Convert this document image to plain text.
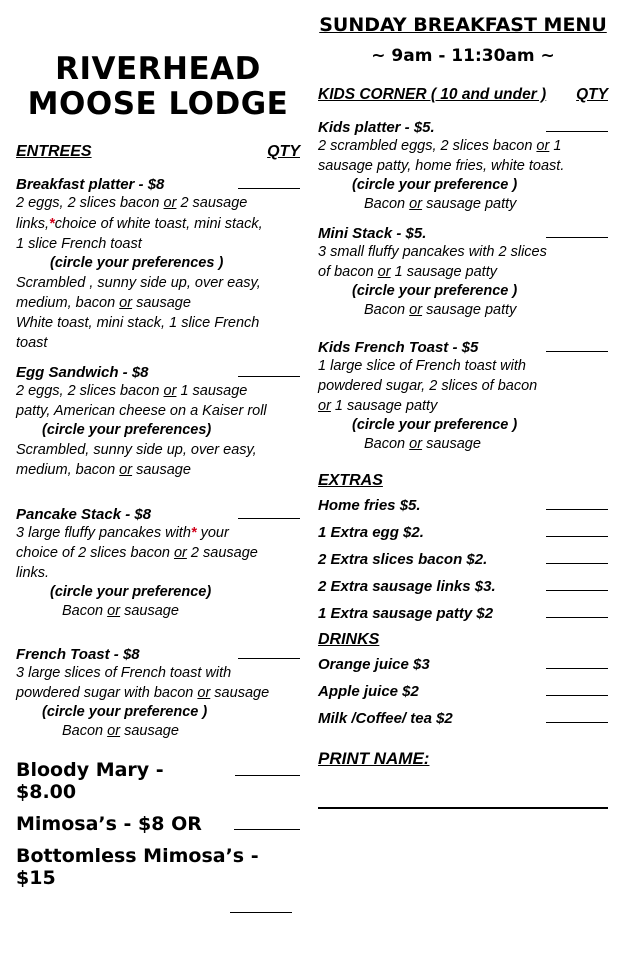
RIVERHEAD
MOOSE LODGE
ENTREES	QTY
Breakfast platter - $8
2 eggs, 2 slices bacon or 2 sausage
links,*choice of white toast, mini stack,
1 slice French toast
(circle your preferences )
Scrambled , sunny side up, over easy,
medium, bacon or sausage
White toast, mini stack, 1 slice French
toast
Egg Sandwich - $8
2 eggs, 2 slices bacon or 1 sausage
patty, American cheese on a Kaiser roll
(circle your preferences)
Scrambled, sunny side up, over easy,
medium, bacon or sausage
Pancake Stack - $8
3 large fluffy pancakes with* your
choice of 2 slices bacon or 2 sausage
links.
(circle your preference)
Bacon or sausage
French Toast - $8
3 large slices of French toast with
powdered sugar with bacon or sausage
(circle your preference )
Bacon or sausage
Bloody Mary - $8.00
Mimosa’s - $8 OR
Bottomless Mimosa’s - $15
SUNDAY BREAKFAST MENU
~ 9am - 11:30am ~
KIDS CORNER ( 10 and under ) QTY
Kids platter - $5.
2 scrambled eggs, 2 slices bacon or 1
sausage patty, home fries, white toast.
(circle your preference )
Bacon or sausage patty
Mini Stack - $5.
3 small fluffy pancakes with 2 slices
of bacon or 1 sausage patty
(circle your preference )
Bacon or sausage patty
Kids French Toast - $5
1 large slice of French toast with
powdered sugar, 2 slices of bacon
or 1 sausage patty
(circle your preference )
Bacon or sausage
EXTRAS
Home fries $5.
1 Extra egg $2.
2 Extra slices bacon $2.
2 Extra sausage links $3.
1 Extra sausage patty $2
DRINKS
Orange juice $3
Apple juice $2
Milk /Coffee/ tea $2
PRINT NAME:
